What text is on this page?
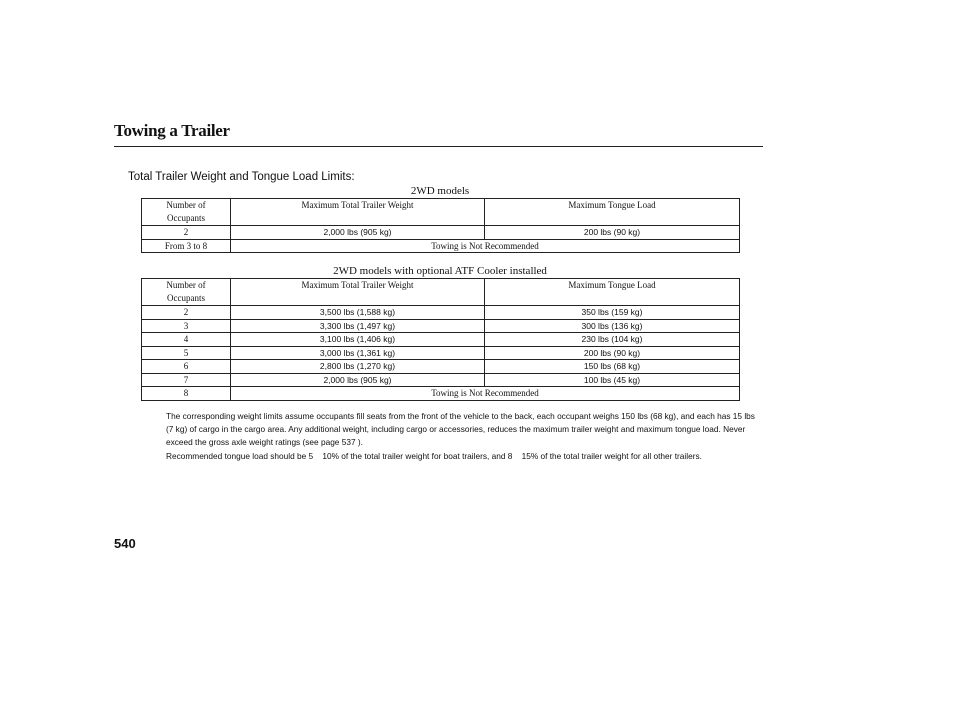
Towing a Trailer
Total Trailer Weight and Tongue Load Limits:
2WD models
Number of
Occupants	Maximum Total Trailer Weight	Maximum Tongue Load
2	2,000 lbs (905 kg)	200 lbs (90 kg)
From 3 to 8	Towing is Not Recommended	
2WD models with optional ATF Cooler installed
Number of
Occupants	Maximum Total Trailer Weight	Maximum Tongue Load
2	3,500 lbs (1,588 kg)	350 lbs (159 kg)
3	3,300 lbs (1,497 kg)	300 lbs (136 kg)
4	3,100 lbs (1,406 kg)	230 lbs (104 kg)
5	3,000 lbs (1,361 kg)	200 lbs (90 kg)
6	2,800 lbs (1,270 kg)	150 lbs (68 kg)
7	2,000 lbs (905 kg)	100 lbs (45 kg)
8	Towing is Not Recommended	

The corresponding weight limits assume occupants fill seats from the front of the vehicle to the back, each occupant weighs 150 lbs (68 kg), and each has 15 lbs (7 kg) of cargo in the cargo area. Any additional weight, including cargo or accessories, reduces the maximum trailer weight and maximum tongue load. Never exceed the gross axle weight ratings (see page 537 ).

Recommended tongue load should be 5    10% of the total trailer weight for boat trailers, and 8    15% of the total trailer weight for all other trailers.

540
